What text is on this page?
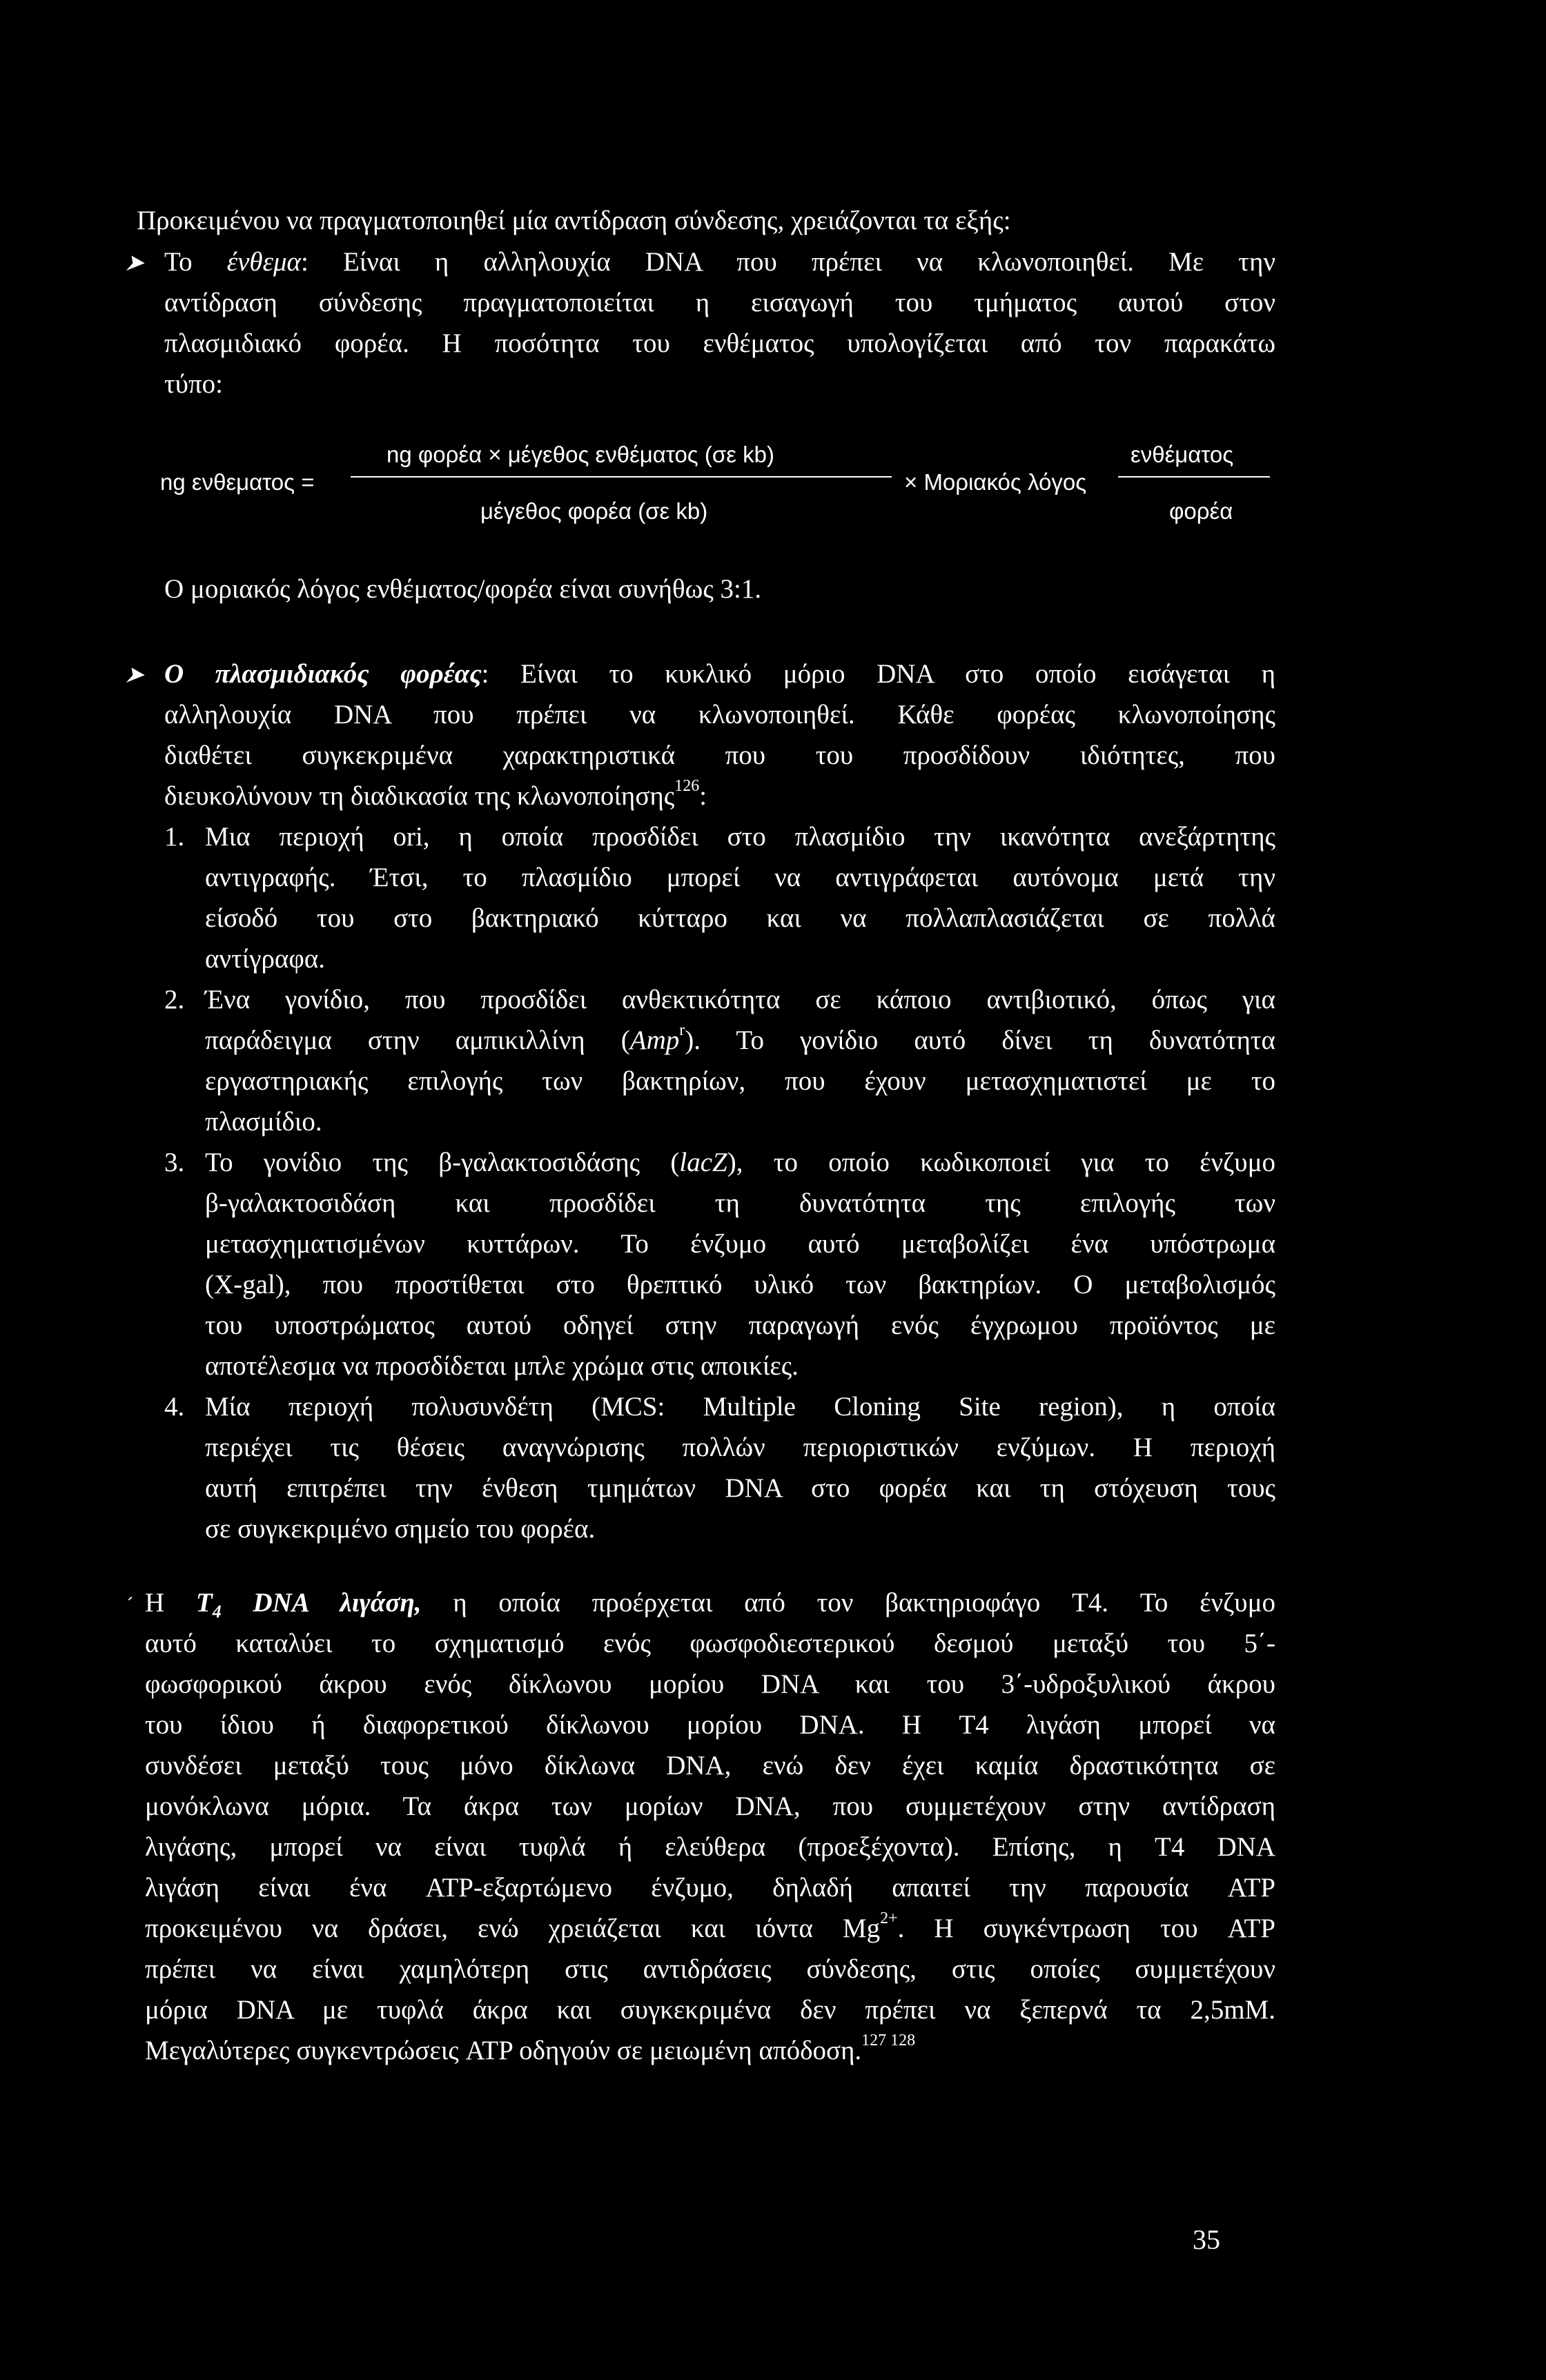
Προκειμένου να πραγματοποιηθεί μία αντίδραση σύνδεσης, χρειάζονται τα εξής:
➤ Το ένθεμα: Είναι η αλληλουχία DNA που πρέπει να κλωνοποιηθεί. Με την
αντίδραση σύνδεσης πραγματοποιείται η εισαγωγή του τμήματος αυτού στον
πλασμιδιακό φορέα. Η ποσότητα του ενθέματος υπολογίζεται από τον παρακάτω
τύπο:
ng ενθεματος =
ng φορέα × μέγεθος ενθέματος (σε kb)
μέγεθος φορέα (σε kb)
× Μοριακός λόγος
ενθέματος
φορέα
Ο μοριακός λόγος ενθέματος/φορέα είναι συνήθως 3:1.
➤ Ο πλασμιδιακός φορέας: Είναι το κυκλικό μόριο DNA στο οποίο εισάγεται η
αλληλουχία DNA που πρέπει να κλωνοποιηθεί. Κάθε φορέας κλωνοποίησης
διαθέτει συγκεκριμένα χαρακτηριστικά που του προσδίδουν ιδιότητες, που
διευκολύνουν τη διαδικασία της κλωνοποίησης$^{126}$:
1. Μια περιοχή ori, η οποία προσδίδει στο πλασμίδιο την ικανότητα ανεξάρτητης
αντιγραφής. Έτσι, το πλασμίδιο μπορεί να αντιγράφεται αυτόνομα μετά την
είσοδό του στο βακτηριακό κύτταρο και να πολλαπλασιάζεται σε πολλά
αντίγραφα.
2. Ένα γονίδιο, που προσδίδει ανθεκτικότητα σε κάποιο αντιβιοτικό, όπως για
παράδειγμα στην αμπικιλλίνη (Amp$^r$). Το γονίδιο αυτό δίνει τη δυνατότητα
εργαστηριακής επιλογής των βακτηρίων, που έχουν μετασχηματιστεί με το
πλασμίδιο.
3. Το γονίδιο της β-γαλακτοσιδάσης (lacZ), το οποίο κωδικοποιεί για το ένζυμο
β-γαλακτοσιδάση και προσδίδει τη δυνατότητα της επιλογής των
μετασχηματισμένων κυττάρων. Το ένζυμο αυτό μεταβολίζει ένα υπόστρωμα
(X-gal), που προστίθεται στο θρεπτικό υλικό των βακτηρίων. Ο μεταβολισμός
του υποστρώματος αυτού οδηγεί στην παραγωγή ενός έγχρωμου προϊόντος με
αποτέλεσμα να προσδίδεται μπλε χρώμα στις αποικίες.
4. Μία περιοχή πολυσυνδέτη (MCS: Multiple Cloning Site region), η οποία
περιέχει τις θέσεις αναγνώρισης πολλών περιοριστικών ενζύμων. Η περιοχή
αυτή επιτρέπει την ένθεση τμημάτων DNA στο φορέα και τη στόχευση τους
σε συγκεκριμένο σημείο του φορέα.
′ Η $T_4$ DNA λιγάση, η οποία προέρχεται από τον βακτηριοφάγο T4. Το ένζυμο
αυτό καταλύει το σχηματισμό ενός φωσφοδιεστερικού δεσμού μεταξύ του 5΄-
φωσφορικού άκρου ενός δίκλωνου μορίου DNA και του 3΄-υδροξυλικού άκρου
του ίδιου ή διαφορετικού δίκλωνου μορίου DNA. Η T4 λιγάση μπορεί να
συνδέσει μεταξύ τους μόνο δίκλωνα DNA, ενώ δεν έχει καμία δραστικότητα σε
μονόκλωνα μόρια. Τα άκρα των μορίων DNA, που συμμετέχουν στην αντίδραση
λιγάσης, μπορεί να είναι τυφλά ή ελεύθερα (προεξέχοντα). Επίσης, η T4 DNA
λιγάση είναι ένα ATP-εξαρτώμενο ένζυμο, δηλαδή απαιτεί την παρουσία ATP
προκειμένου να δράσει, ενώ χρειάζεται και ιόντα $Mg^{2+}$. Η συγκέντρωση του ATP
πρέπει να είναι χαμηλότερη στις αντιδράσεις σύνδεσης, στις οποίες συμμετέχουν
μόρια DNA με τυφλά άκρα και συγκεκριμένα δεν πρέπει να ξεπερνά τα 2,5mM.
Μεγαλύτερες συγκεντρώσεις ATP οδηγούν σε μειωμένη απόδοση.$^{127 128}$
35
